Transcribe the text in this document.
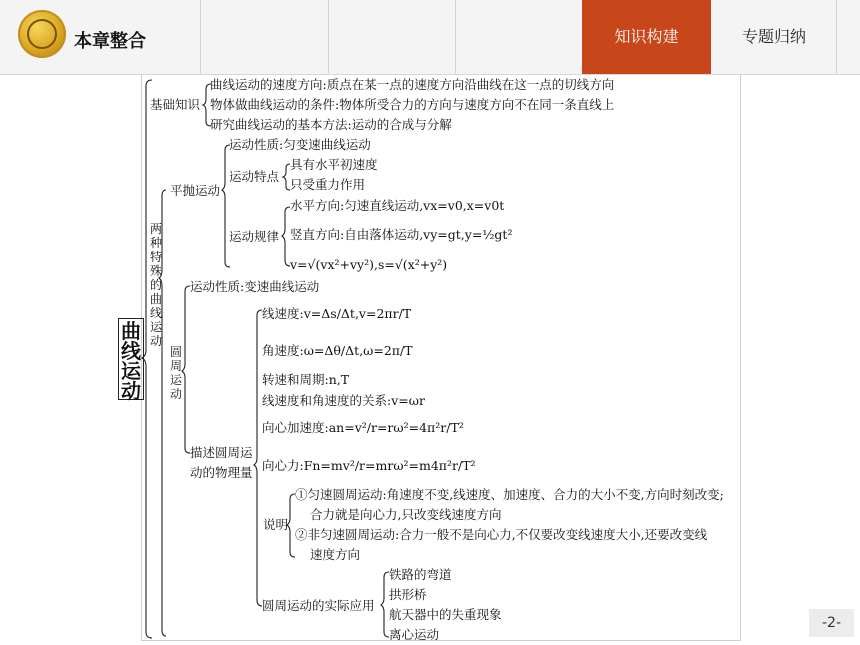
本章整合	知识构建	专题归纳
曲线运动
基础知识
曲线运动的速度方向:质点在某一点的速度方向沿曲线在这一点的切线方向
物体做曲线运动的条件:物体所受合力的方向与速度方向不在同一条直线上
研究曲线运动的基本方法:运动的合成与分解
两种特殊的曲线运动
平抛运动
运动性质:匀变速曲线运动
运动特点
具有水平初速度
只受重力作用
运动规律
水平方向:匀速直线运动,vx=v0,x=v0t
竖直方向:自由落体运动,vy=gt,y=½gt²
v=√(vx²+vy²),s=√(x²+y²)
圆周运动
运动性质:变速曲线运动
描述圆周运动的物理量
线速度:v=Δs/Δt,v=2πr/T
角速度:ω=Δθ/Δt,ω=2π/T
转速和周期:n,T
线速度和角速度的关系:v=ωr
向心加速度:an=v²/r=rω²=4π²r/T²
向心力:Fn=mv²/r=mrω²=m4π²r/T²
说明
①匀速圆周运动:角速度不变,线速度、加速度、合力的大小不变,方向时刻改变;
合力就是向心力,只改变线速度方向
②非匀速圆周运动:合力一般不是向心力,不仅要改变线速度大小,还要改变线
速度方向
圆周运动的实际应用
铁路的弯道
拱形桥
航天器中的失重现象
离心运动
-2-
